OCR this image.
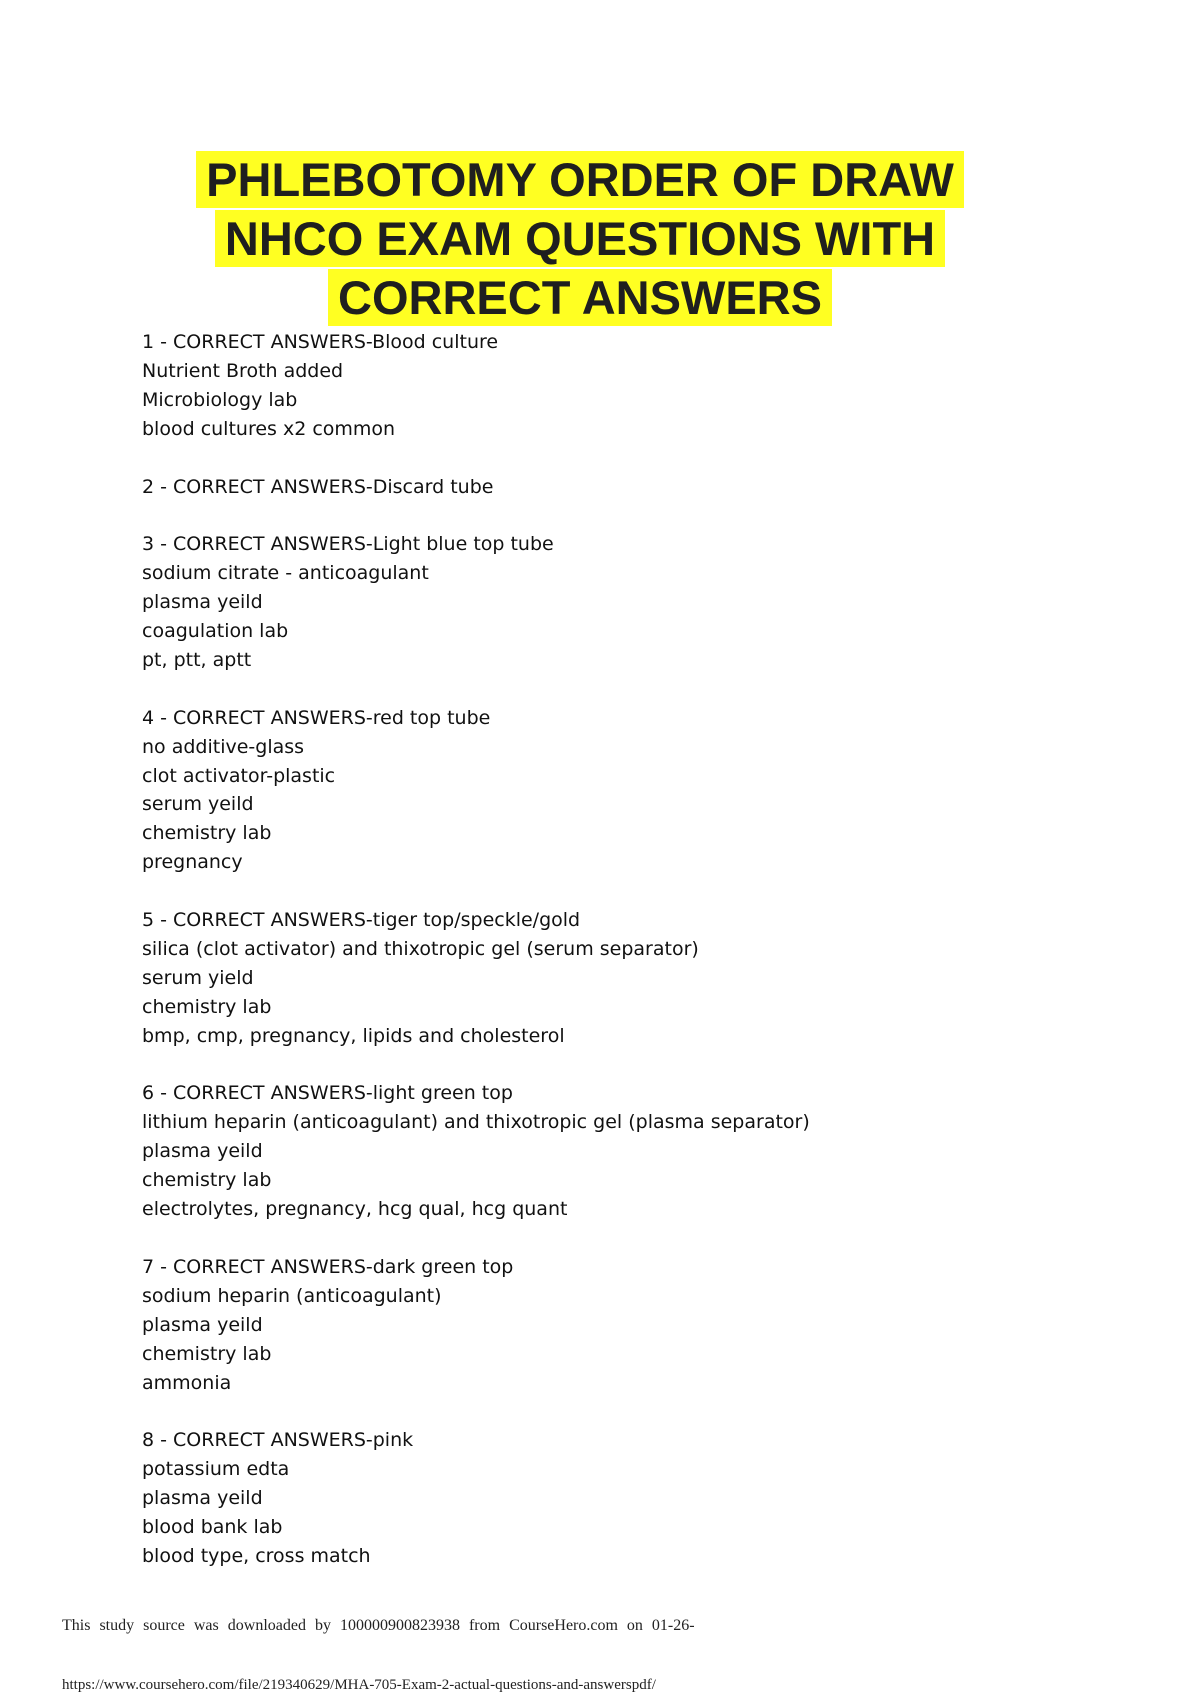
PHLEBOTOMY ORDER OF DRAW
NHCO EXAM QUESTIONS WITH
CORRECT ANSWERS
1 - CORRECT ANSWERS-Blood culture
Nutrient Broth added
Microbiology lab
blood cultures x2 common
2 - CORRECT ANSWERS-Discard tube
3 - CORRECT ANSWERS-Light blue top tube
sodium citrate - anticoagulant
plasma yeild
coagulation lab
pt, ptt, aptt
4 - CORRECT ANSWERS-red top tube
no additive-glass
clot activator-plastic
serum yeild
chemistry lab
pregnancy
5 - CORRECT ANSWERS-tiger top/speckle/gold
silica (clot activator) and thixotropic gel (serum separator)
serum yield
chemistry lab
bmp, cmp, pregnancy, lipids and cholesterol
6 - CORRECT ANSWERS-light green top
lithium heparin (anticoagulant) and thixotropic gel (plasma separator)
plasma yeild
chemistry lab
electrolytes, pregnancy, hcg qual, hcg quant
7 - CORRECT ANSWERS-dark green top
sodium heparin (anticoagulant)
plasma yeild
chemistry lab
ammonia
8 - CORRECT ANSWERS-pink
potassium edta
plasma yeild
blood bank lab
blood type, cross match
This study source was downloaded by 100000900823938 from CourseHero.com on 01-26-
https://www.coursehero.com/file/219340629/MHA-705-Exam-2-actual-questions-and-answerspdf/
